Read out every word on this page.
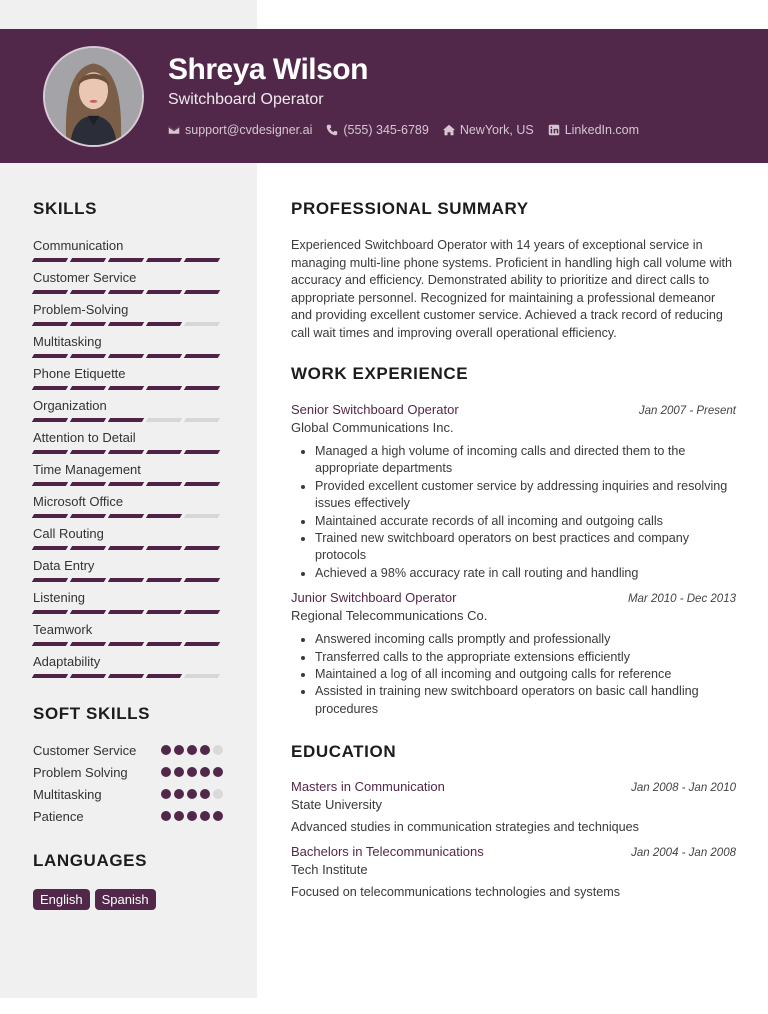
Shreya Wilson
Switchboard Operator
support@cvdesigner.ai (555) 345-6789 NewYork, US LinkedIn.com
SKILLS
Communication
Customer Service
Problem-Solving
Multitasking
Phone Etiquette
Organization
Attention to Detail
Time Management
Microsoft Office
Call Routing
Data Entry
Listening
Teamwork
Adaptability
SOFT SKILLS
Customer Service
Problem Solving
Multitasking
Patience
LANGUAGES
English	Spanish
PROFESSIONAL SUMMARY

Experienced Switchboard Operator with 14 years of exceptional service in managing multi-line phone systems. Proficient in handling high call volume with accuracy and efficiency. Demonstrated ability to prioritize and direct calls to appropriate personnel. Recognized for maintaining a professional demeanor and providing excellent customer service. Achieved a track record of reducing call wait times and improving overall operational efficiency.

WORK EXPERIENCE
Senior Switchboard Operator	Jan 2007 - Present
Global Communications Inc.
• Managed a high volume of incoming calls and directed them to the appropriate departments
• Provided excellent customer service by addressing inquiries and resolving issues effectively
• Maintained accurate records of all incoming and outgoing calls
• Trained new switchboard operators on best practices and company protocols
• Achieved a 98% accuracy rate in call routing and handling
Junior Switchboard Operator	Mar 2010 - Dec 2013
Regional Telecommunications Co.
• Answered incoming calls promptly and professionally
• Transferred calls to the appropriate extensions efficiently
• Maintained a log of all incoming and outgoing calls for reference
• Assisted in training new switchboard operators on basic call handling procedures
EDUCATION
Masters in Communication	Jan 2008 - Jan 2010
State University
Advanced studies in communication strategies and techniques
Bachelors in Telecommunications	Jan 2004 - Jan 2008
Tech Institute
Focused on telecommunications technologies and systems
